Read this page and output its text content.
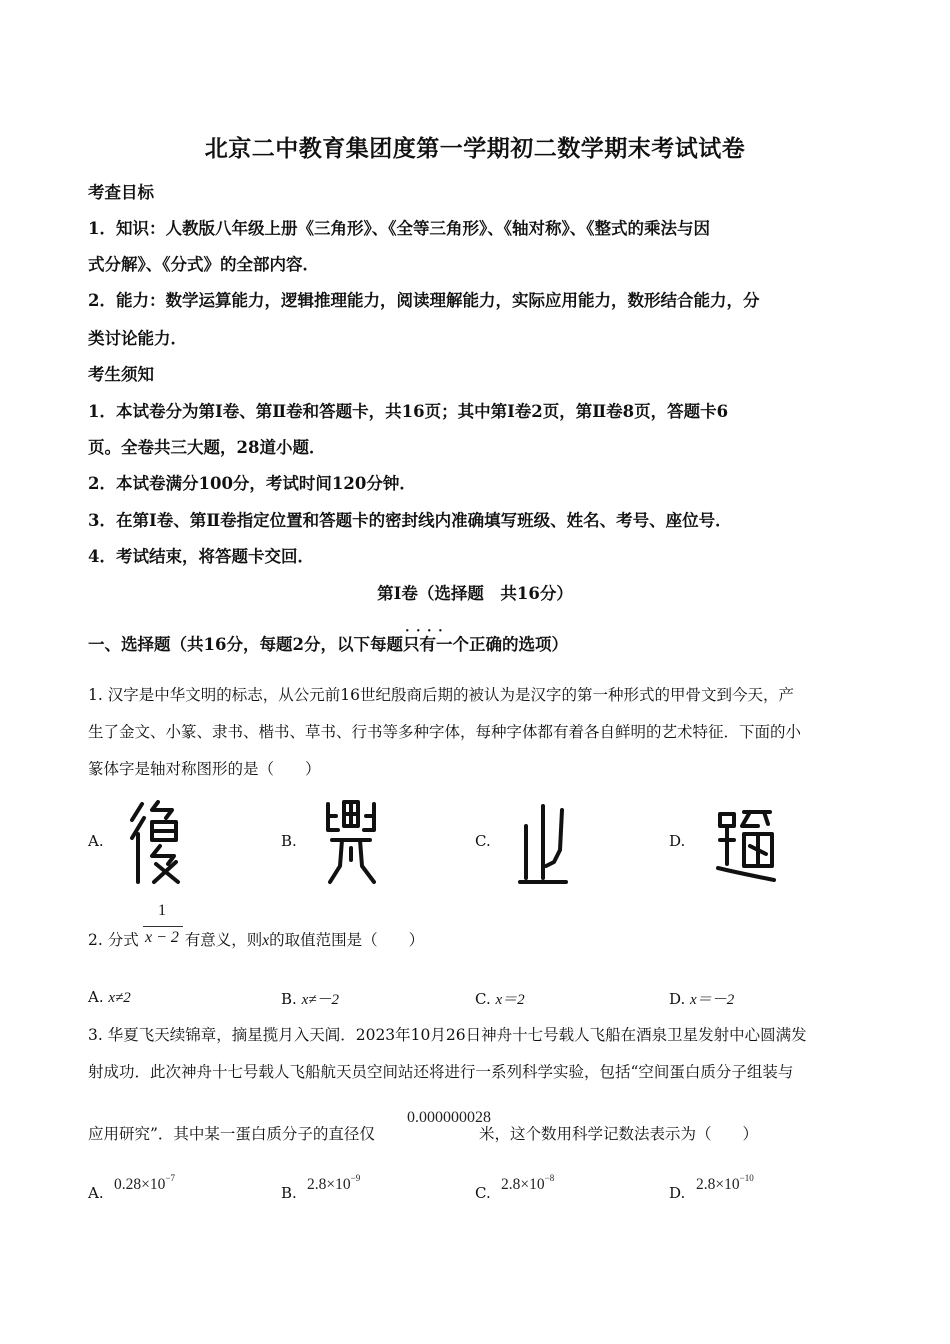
北京二中教育集团度第一学期初二数学期末考试试卷
考查目标
1．知识：人教版八年级上册《三角形》、《全等三角形》、《轴对称》、《整式的乘法与因
式分解》、《分式》的全部内容．
2．能力：数学运算能力，逻辑推理能力，阅读理解能力，实际应用能力，数形结合能力，分
类讨论能力．
考生须知
1．本试卷分为第Ⅰ卷、第Ⅱ卷和答题卡，共16页；其中第Ⅰ卷2页，第Ⅱ卷8页，答题卡6
页。全卷共三大题，28道小题．
2．本试卷满分100分，考试时间120分钟．
3．在第Ⅰ卷、第Ⅱ卷指定位置和答题卡的密封线内准确填写班级、姓名、考号、座位号．
4．考试结束，将答题卡交回．
第Ⅰ卷（选择题　共16分）
一、选择题（共16分，每题2分，以下每题· · · · 只有一个正确的选项）
1. 汉字是中华文明的标志，从公元前16世纪殷商后期的被认为是汉字的第一种形式的甲骨文到今天，产
生了金文、小篆、隶书、楷书、草书、行书等多种字体，每种字体都有着各自鲜明的艺术特征．下面的小
篆体字是轴对称图形的是（　　）
A.	B.	C.	D.
2. 分式	有意义，则x的取值范围是（　　）
1
x − 2
A. x≠2	B. x≠－2	C. x＝2	D. x＝－2
3. 华夏飞天续锦章，摘星揽月入天阊．2023年10月26日神舟十七号载人飞船在酒泉卫星发射中心圆满发
射成功．此次神舟十七号载人飞船航天员空间站还将进行一系列科学实验，包括“空间蛋白质分子组装与
应用研究”．其中某一蛋白质分子的直径仅	米，这个数用科学记数法表示为（　　）
0.000000028
A. $0.28\times 10^{-7}$
B. $2.8\times 10^{-9}$
C. $2.8\times 10^{-8}$
D. $2.8\times 10^{-10}$
